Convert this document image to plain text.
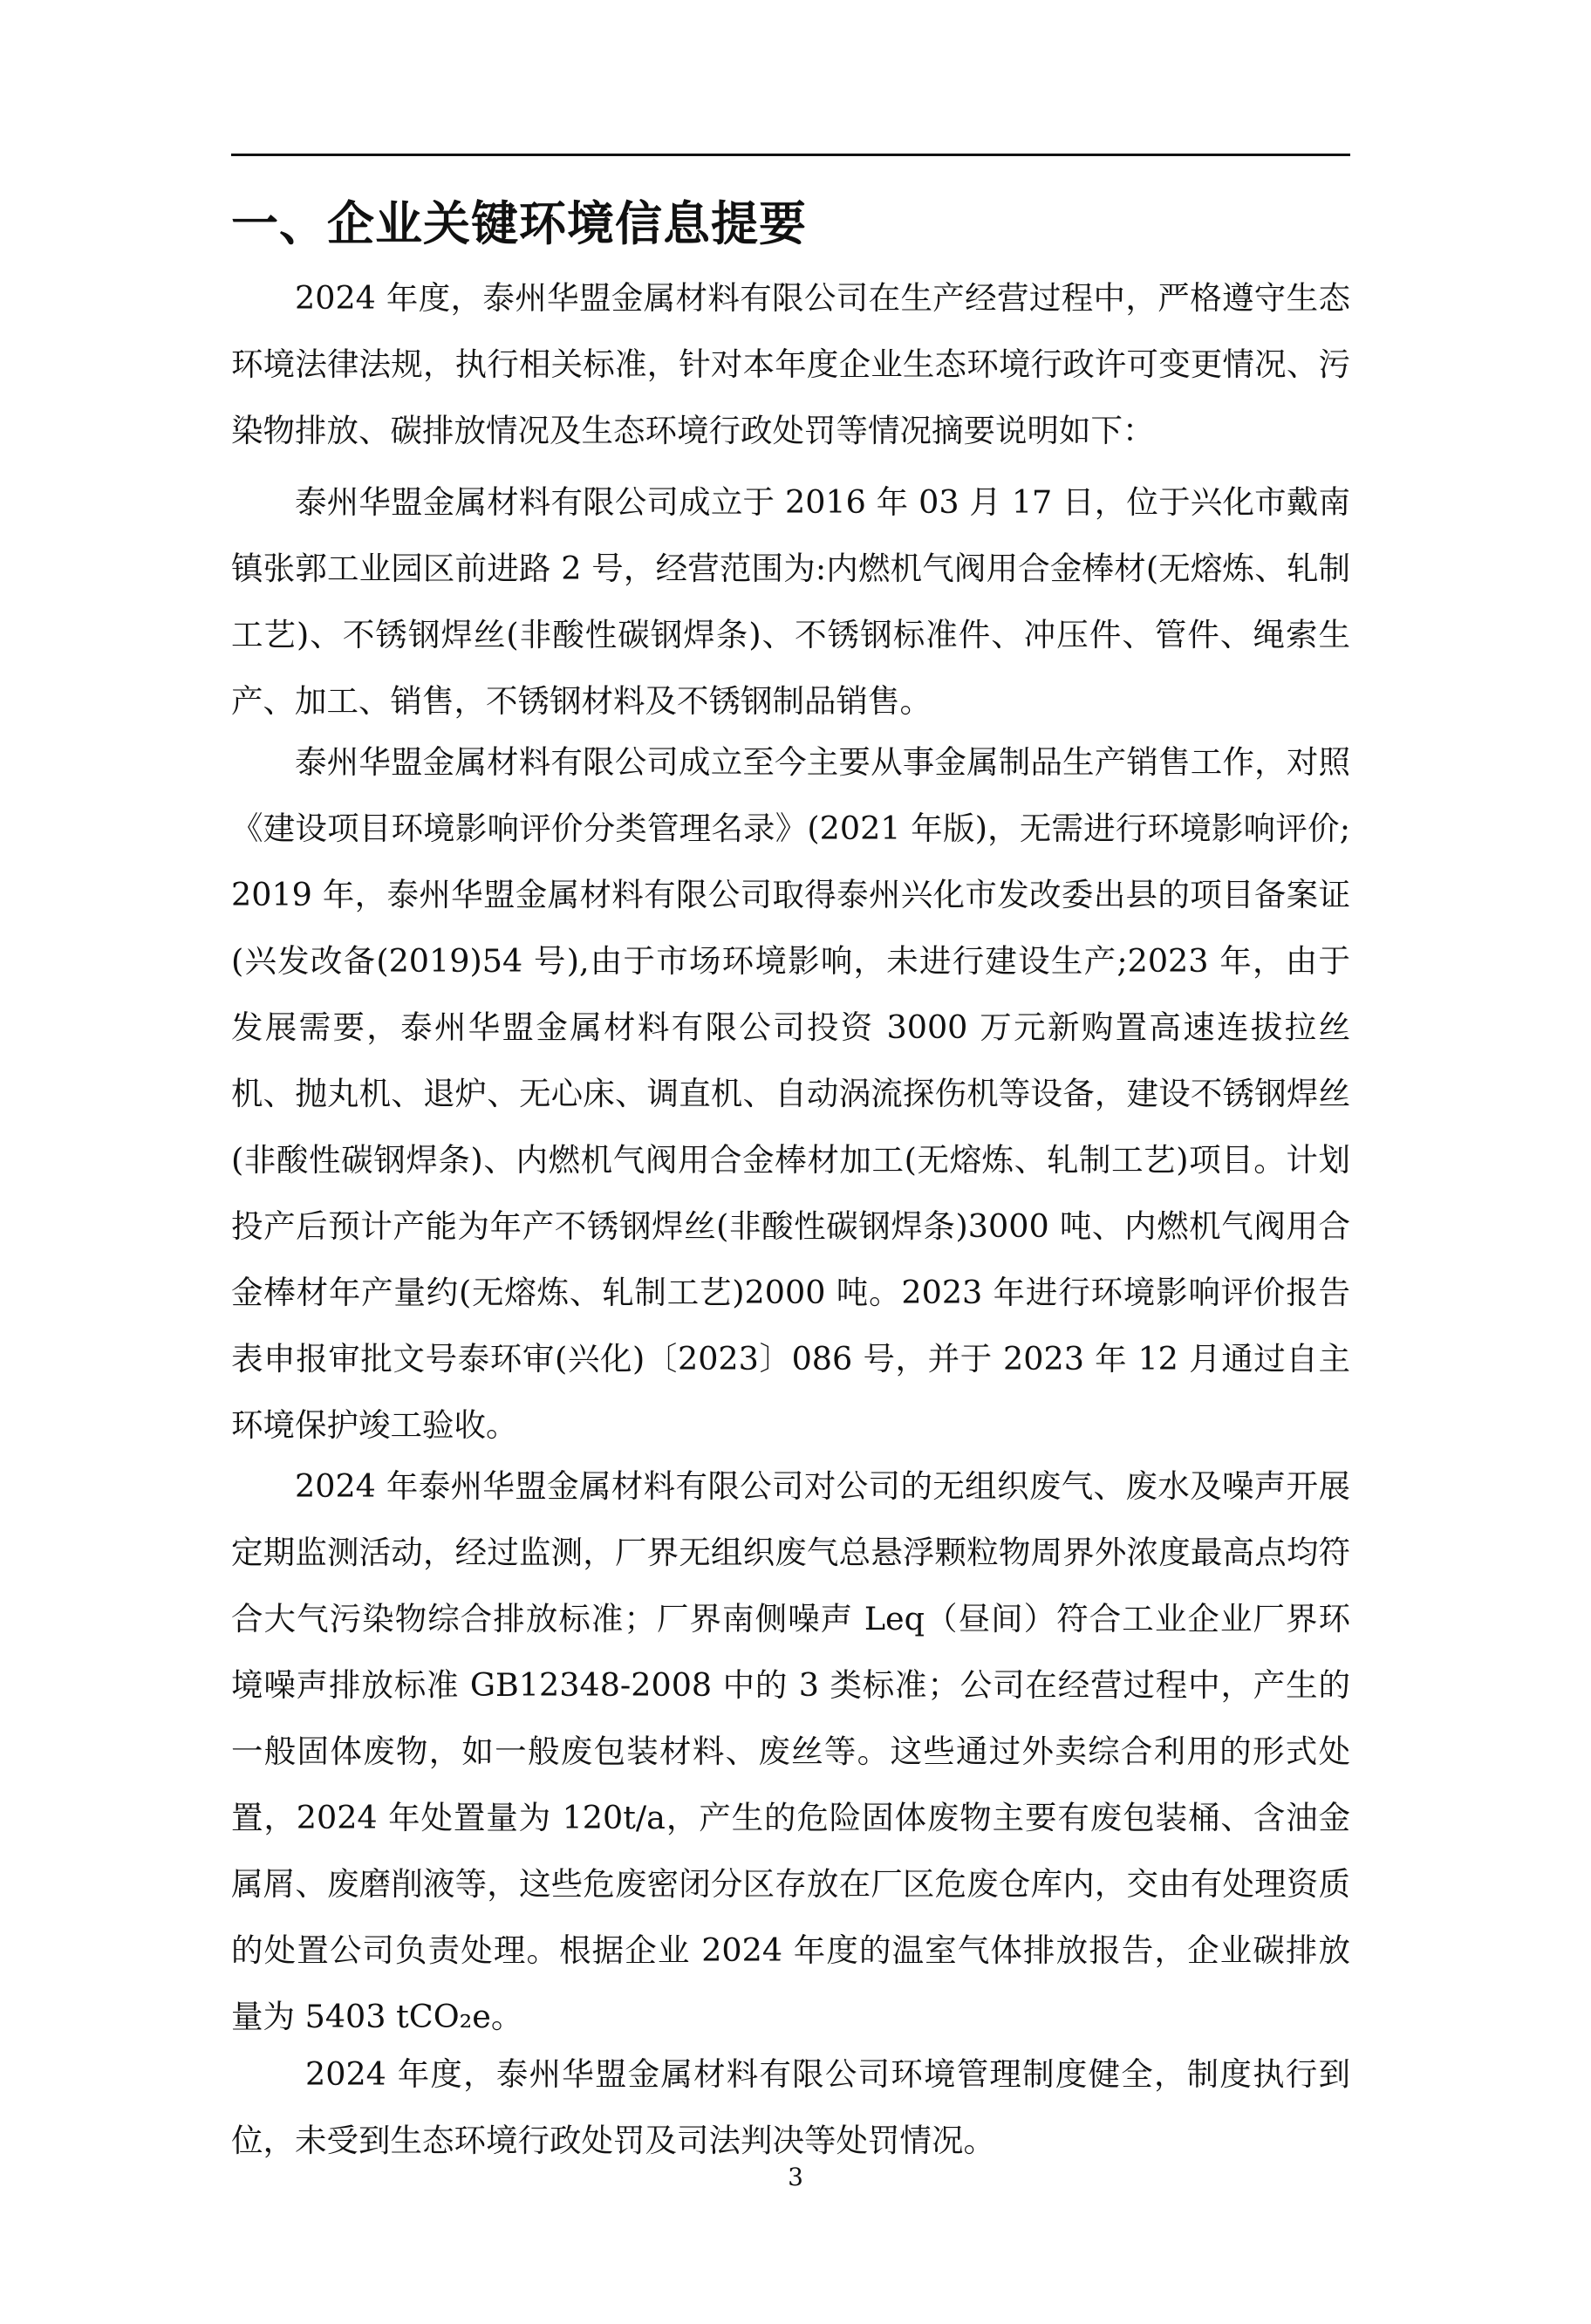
一、企业关键环境信息提要

2024 年度，泰州华盟金属材料有限公司在生产经营过程中，严格遵守生态环境法律法规，执行相关标准，针对本年度企业生态环境行政许可变更情况、污染物排放、碳排放情况及生态环境行政处罚等情况摘要说明如下：

泰州华盟金属材料有限公司成立于 2016 年 03 月 17 日，位于兴化市戴南镇张郭工业园区前进路 2 号，经营范围为:内燃机气阀用合金棒材(无熔炼、轧制工艺)、不锈钢焊丝(非酸性碳钢焊条)、不锈钢标准件、冲压件、管件、绳索生产、加工、销售，不锈钢材料及不锈钢制品销售。

泰州华盟金属材料有限公司成立至今主要从事金属制品生产销售工作，对照《建设项目环境影响评价分类管理名录》(2021 年版)，无需进行环境影响评价;2019 年，泰州华盟金属材料有限公司取得泰州兴化市发改委出县的项目备案证(兴发改备(2019)54 号),由于市场环境影响，未进行建设生产;2023 年，由于发展需要，泰州华盟金属材料有限公司投资 3000 万元新购置高速连拔拉丝机、抛丸机、退炉、无心床、调直机、自动涡流探伤机等设备，建设不锈钢焊丝(非酸性碳钢焊条)、内燃机气阀用合金棒材加工(无熔炼、轧制工艺)项目。计划投产后预计产能为年产不锈钢焊丝(非酸性碳钢焊条)3000 吨、内燃机气阀用合金棒材年产量约(无熔炼、轧制工艺)2000 吨。2023 年进行环境影响评价报告表申报审批文号泰环审(兴化)〔2023〕086 号，并于 2023 年 12 月通过自主环境保护竣工验收。

2024 年泰州华盟金属材料有限公司对公司的无组织废气、废水及噪声开展定期监测活动，经过监测，厂界无组织废气总悬浮颗粒物周界外浓度最高点均符合大气污染物综合排放标准；厂界南侧噪声 Leq（昼间）符合工业企业厂界环境噪声排放标准 GB12348-2008 中的 3 类标准；公司在经营过程中，产生的一般固体废物，如一般废包装材料、废丝等。这些通过外卖综合利用的形式处置，2024 年处置量为 120t/a，产生的危险固体废物主要有废包装桶、含油金属屑、废磨削液等，这些危废密闭分区存放在厂区危废仓库内，交由有处理资质的处置公司负责处理。根据企业 2024 年度的温室气体排放报告，企业碳排放量为 5403 tCO₂e。

2024 年度，泰州华盟金属材料有限公司环境管理制度健全，制度执行到位，未受到生态环境行政处罚及司法判决等处罚情况。

3
